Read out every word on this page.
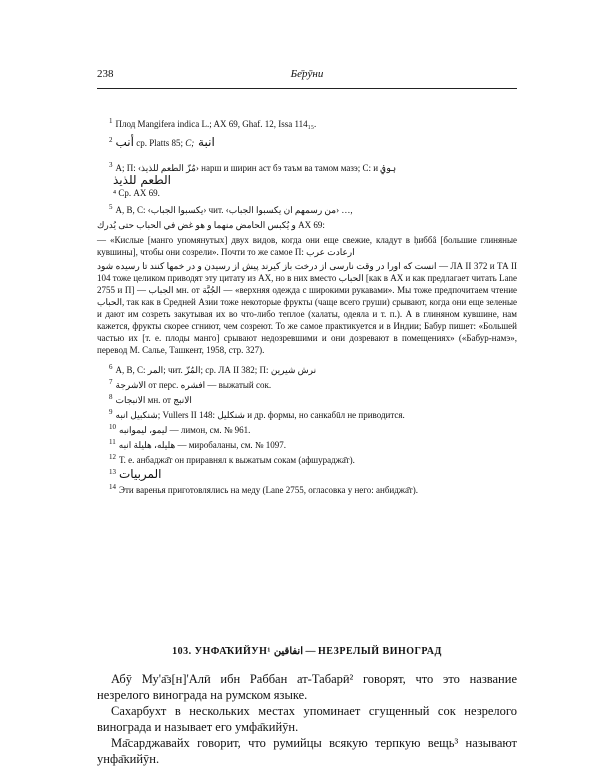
238	Бе̄рӯни

$^1$ Плод Mangifera indica L.; AX 69, Ghaf. 12, Issa 114₁₅.

$^2$ أنب ср. Platts 85; C; انبة

$^3$ A; П: ‹مُزّ الطعم للذيذ› нарш и ширин аст бэ таъм ва тамом мазэ; C: и ہوفي

الطعم للذيذ

⁴ Ср. AX 69.

$^5$ A, B, C: ‹يكسبوا الجباب› чит. ‹من رسمهم ان يكسبوا الجباب› …,

و يُكبس الحامض منهما و هو غض في الحباب حتى يُدرك AX 69:

— «Кислые [манго упомянутых] двух видов, когда они еще свежие, кладут в ḥиббâ [большие глиняные кувшины], чтобы они созрели». Почти то же самое П: ارعادت عرب

انست كه اورا در وقت نارسى از درخت باز كيرند پيش از رسيدن و در خمها كنند تا رسيده شود — ЛА II 372 и ТА II 104 тоже целиком приводят эту цитату из AX, но в них вместо الحباب [как в AX и как предлагает читать Lane 2755 и П] — الجباب мн. от الجُبَّة — «верхняя одежда с широкими рукавами». Мы тоже предпочитаем чтение الحباب, так как в Средней Азии тоже некоторые фрукты (чаще всего груши) срывают, когда они еще зеленые и дают им созреть закутывая их во что-либо теплое (халаты, одеяла и т. п.). А в глиняном кувшине, нам кажется, фрукты скорее сгниют, чем созреют. То же самое практикуется и в Индии; Бабур пишет: «Большей частью их [т. е. плоды манго] срывают недозревшими и они дозревают в помещениях» («Бабур-намэ», перевод М. Салье, Ташкент, 1958, стр. 327).

$^6$ A, B, C: المر; чит. المُزّ; ср. ЛА II 382; П: نرش شيرين

$^7$ الاشرجة от перс. افشره — выжатый сок.

$^8$ الانبجات мн. от الانبج

$^9$ شنكبيل انبه; Vullers II 148: شنكليل и др. формы, но санкабūл не приводится.

$^{10}$ ليمو، ليموانبه — лимон, см. № 961.

$^{11}$ هليله، هليلة انبه — миробаланы, см. № 1097.

$^{12}$ Т. е. анбаджа̄т он приравнял к выжатым сокам (афшураджа̄т).

$^{13}$ المربيات

$^{14}$ Эти варенья приготовлялись на меду (Lane 2755, огласовка у него: анбиджа̄т).

103. УНФА̄КИЙУН¹ انفاقين — НЕЗРЕЛЫЙ ВИНОГРАД

Абӯ Му'а̄з[н]'Алӣ ибн Раббан ат-Табарӣ² говорят, что это название незрелого винограда на румском языке.

Сахарбухт в нескольких местах упоминает сгущенный сок незрелого винограда и называет его умфа̄кийӯн.

Ма̄сарджавайх говорит, что румийцы всякую терпкую вещь³ называют унфа̄кийӯн.
